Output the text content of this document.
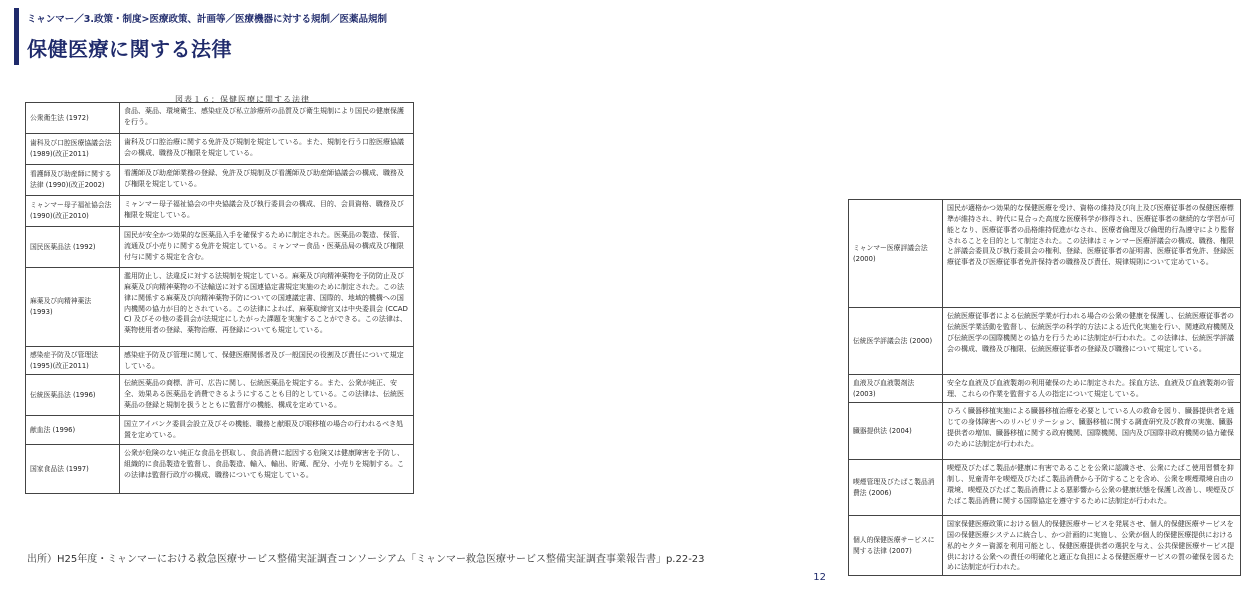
ミャンマー／3.政策・制度>医療政策、計画等／医療機器に対する規制／医薬品規制
保健医療に関する法律
図表１６：保健医療に関する法律
公衆衛生法 (1972)	食品、薬品、環境衛生、感染症及び私立診療所の品質及び衛生規制により国民の健康保護を行う。

歯科及び口腔医療協議会法 (1989)(改正2011)	歯科及び口腔治療に関する免許及び規制を規定している。また、規制を行う口腔医療協議会の構成、職務及び権限を規定している。

看護師及び助産師に関する法律 (1990)(改正2002)	看護師及び助産師業務の登録、免許及び規制及び看護師及び助産師協議会の構成、職務及び権限を規定している。

ミャンマー母子福祉協会法 (1990)(改正2010)	ミャンマー母子福祉協会の中央協議会及び執行委員会の構成、目的、会員資格、職務及び権限を規定している。

国民医薬品法 (1992)	国民が安全かつ効果的な医薬品入手を確保するために制定された。医薬品の製造、保管、流通及び小売りに関する免許を規定している。ミャンマー食品・医薬品局の構成及び権限付与に関する規定を含む。

麻薬及び向精神薬法 (1993)	濫用防止し、法違反に対する法規制を規定している。麻薬及び向精神薬物を予防防止及び麻薬及び向精神薬物の不法輸送に対する国連協定書規定実施のために制定された。この法律に関係する麻薬及び向精神薬物予防についての国連議定書、国際的、地域的機構への国内機関の協力が目的とされている。この法律によれば、麻薬取締官又は中央委員会 (CCADC) 及びその他の委員会が法規定にしたがった課題を実施することができる。この法律は、薬物使用者の登録、薬物治療、再登録についても規定している。

感染症予防及び管理法 (1995)(改正2011)	感染症予防及び管理に関して、保健医療関係者及び一般国民の役割及び責任について規定している。

伝統医薬品法 (1996)	伝統医薬品の商標、許可、広告に関し、伝統医薬品を規定する。また、公衆が純正、安全、効果ある医薬品を消費できるようにすることも目的としている。この法律は、伝統医薬品の登録と規制を扱うとともに監督庁の機能、構成を定めている。

献血法 (1996)	国立アイバンク委員会設立及びその機能、職務と献眼及び眼移植の場合の行われるべき処置を定めている。

国家食品法 (1997)	公衆が危険のない純正な食品を摂取し、食品消費に起因する危険又は健康障害を予防し、組織的に食品製造を監督し、食品製造、輸入、輸出、貯蔵、配分、小売りを規制する。この法律は監督行政庁の構成、職務についても規定している。
ミャンマー医療評議会法 (2000)	国民が適格かつ効果的な保健医療を受け、資格の維持及び向上及び医療従事者の保健医療標準が維持され、時代に見合った高度な医療科学が修得され、医療従事者の継続的な学習が可能となり、医療従事者の品格維持促進がなされ、医療者倫理及び倫理的行為遵守により監督されることを目的として制定された。この法律はミャンマー医療評議会の構成、職務、権限と評議会委員及び執行委員会の権利、登録、医療従事者の証明書、医療従事者免許、登録医療従事者及び医療従事者免許保持者の職務及び責任、規律規則について定めている。

伝統医学評議会法 (2000)	伝統医療従事者による伝統医学業が行われる場合の公衆の健康を保護し、伝統医療従事者の伝統医学業活動を監督し、伝統医学の科学的方法による近代化実施を行い、関連政府機関及び伝統医学の国際機関との協力を行うために法制定が行われた。この法律は、伝統医学評議会の構成、職務及び権限、伝統医療従事者の登録及び職務について規定している。

血液及び血液製剤法 (2003)	安全な血液及び血液製剤の利用確保のために制定された。採血方法、血液及び血液製剤の管理、これらの作業を監督する人の指定について規定している。

臓器提供法 (2004)	ひろく臓器移植実施による臓器移植治療を必要としている人の救命を図り、臓器提供者を通じての身体障害へのリハビリテーション、臓器移植に関する調査研究及び教育の実施、臓器提供者の増加、臓器移植に関する政府機関、国際機関、国内及び国際非政府機関の協力確保のために法制定が行われた。

喫煙管理及びたばこ製品消費法 (2006)	喫煙及びたばこ製品が健康に有害であることを公衆に認識させ、公衆にたばこ使用習慣を抑制し、児童青年を喫煙及びたばこ製品消費から予防することを含め、公衆を喫煙環境自由の環境、喫煙及びたばこ製品消費による悪影響から公衆の健康状態を保護し改善し、喫煙及びたばこ製品消費に関する国際協定を遵守するために法制定が行われた。

個人的保健医療サービスに関する法律 (2007)	国家保健医療政策における個人的保健医療サービスを発展させ、個人的保健医療サービスを国の保健医療システムに統合し、かつ計画的に実施し、公衆が個人的保健医療提供における私的セクター資源を利用可能とし、保健医療提供者の選択を与え、公共保健医療サービス提供における公衆への責任の明確化と適正な負担による保健医療サービスの質の確保を図るために法制定が行われた。
出所）H25年度・ミャンマーにおける救急医療サービス整備実証調査コンソーシアム「ミャンマー救急医療サービス整備実証調査事業報告書」p.22-23
12
